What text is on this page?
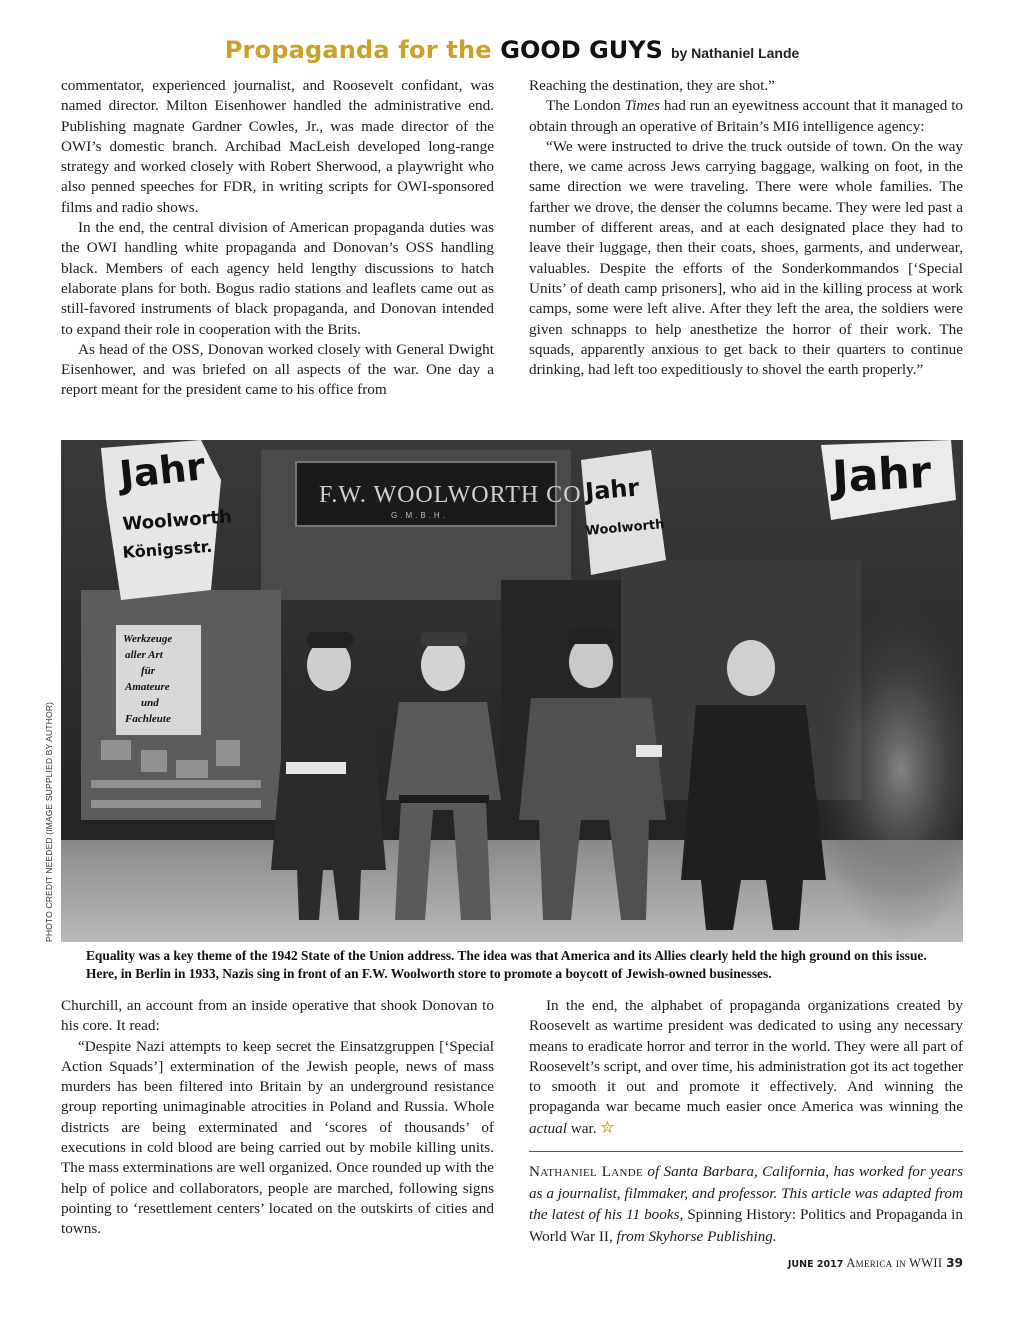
Propaganda for the GOOD GUYS by Nathaniel Lande

commentator, experienced journalist, and Roosevelt confidant, was named director. Milton Eisenhower handled the administrative end. Publishing magnate Gardner Cowles, Jr., was made director of the OWI’s domestic branch. Archibad MacLeish developed long-range strategy and worked closely with Robert Sherwood, a playwright who also penned speeches for FDR, in writing scripts for OWI-sponsored films and radio shows.

In the end, the central division of American propaganda duties was the OWI handling white propaganda and Donovan’s OSS handling black. Members of each agency held lengthy discussions to hatch elaborate plans for both. Bogus radio stations and leaflets came out as still-favored instruments of black propaganda, and Donovan intended to expand their role in cooperation with the Brits.

As head of the OSS, Donovan worked closely with General Dwight Eisenhower, and was briefed on all aspects of the war. One day a report meant for the president came to his office from

Reaching the destination, they are shot.”

The London Times had run an eyewitness account that it managed to obtain through an operative of Britain’s MI6 intelligence agency:

“We were instructed to drive the truck outside of town. On the way there, we came across Jews carrying baggage, walking on foot, in the same direction we were traveling. There were whole families. The farther we drove, the denser the columns became. They were led past a number of different areas, and at each designated place they had to leave their luggage, then their coats, shoes, garments, and underwear, valuables. Despite the efforts of the Sonderkommandos [‘Special Units’ of death camp prisoners], who aid in the killing process at work camps, some were left alive. After they left the area, the soldiers were given schnapps to help anesthetize the horror of their work. The squads, apparently anxious to get back to their quarters to continue drinking, had left too expeditiously to shovel the earth properly.”

PHOTO CREDIT NEEDED (IMAGE SUPPLIED BY AUTHOR)
Jahr
Woolworth
Königsstr.
Jahr
Jahr
Woolworth
F.W. WOOLWORTH CO
G.M.B.H.
Werkzeuge
aller Art
für
Amateure
und
Fachleute
Equality was a key theme of the 1942 State of the Union address. The idea was that America and its Allies clearly held the high ground on this issue. Here, in Berlin in 1933, Nazis sing in front of an F.W. Woolworth store to promote a boycott of Jewish-owned businesses.

Churchill, an account from an inside operative that shook Donovan to his core. It read:

“Despite Nazi attempts to keep secret the Einsatzgruppen [‘Special Action Squads’] extermination of the Jewish people, news of mass murders has been filtered into Britain by an underground resistance group reporting unimaginable atrocities in Poland and Russia. Whole districts are being exterminated and ‘scores of thousands’ of executions in cold blood are being carried out by mobile killing units. The mass exterminations are well organized. Once rounded up with the help of police and collaborators, people are marched, following signs pointing to ‘resettlement centers’ located on the outskirts of cities and towns.

In the end, the alphabet of propaganda organizations created by Roosevelt as wartime president was dedicated to using any necessary means to eradicate horror and terror in the world. They were all part of Roosevelt’s script, and over time, his administration got its act together to smooth it out and promote it effectively. And winning the propaganda war became much easier once America was winning the actual war. ✮

Nathaniel Lande of Santa Barbara, California, has worked for years as a journalist, filmmaker, and professor. This article was adapted from the latest of his 11 books, Spinning History: Politics and Propaganda in World War II, from Skyhorse Publishing.

JUNE 2017 America in WWII 39
